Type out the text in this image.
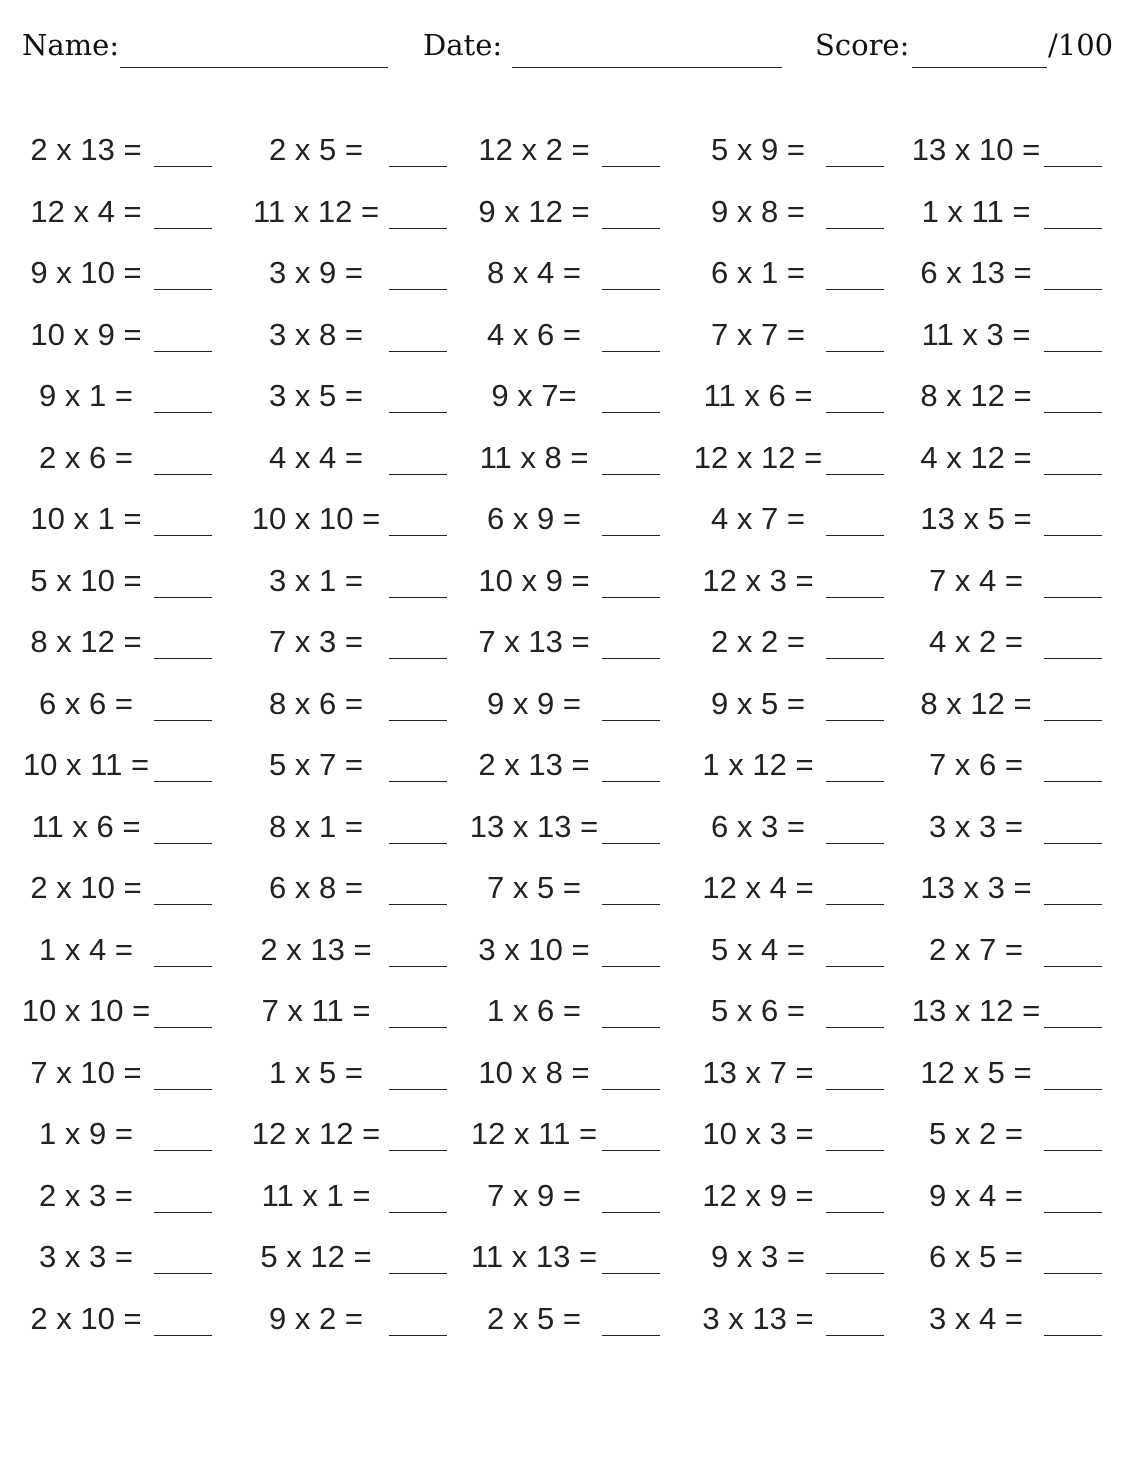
Name:	Date:	Score:	/100
2 x 13 =	2 x 5 =	12 x 2 =	5 x 9 =	13 x 10 =
12 x 4 =	11 x 12 =	9 x 12 =	9 x 8 =	1 x 11 =
9 x 10 =	3 x 9 =	8 x 4 =	6 x 1 =	6 x 13 =
10 x 9 =	3 x 8 =	4 x 6 =	7 x 7 =	11 x 3 =
9 x 1 =	3 x 5 =	9 x 7=	11 x 6 =	8 x 12 =
2 x 6 =	4 x 4 =	11 x 8 =	12 x 12 =	4 x 12 =
10 x 1 =	10 x 10 =	6 x 9 =	4 x 7 =	13 x 5 =
5 x 10 =	3 x 1 =	10 x 9 =	12 x 3 =	7 x 4 =
8 x 12 =	7 x 3 =	7 x 13 =	2 x 2 =	4 x 2 =
6 x 6 =	8 x 6 =	9 x 9 =	9 x 5 =	8 x 12 =
10 x 11 =	5 x 7 =	2 x 13 =	1 x 12 =	7 x 6 =
11 x 6 =	8 x 1 =	13 x 13 =	6 x 3 =	3 x 3 =
2 x 10 =	6 x 8 =	7 x 5 =	12 x 4 =	13 x 3 =
1 x 4 =	2 x 13 =	3 x 10 =	5 x 4 =	2 x 7 =
10 x 10 =	7 x 11 =	1 x 6 =	5 x 6 =	13 x 12 =
7 x 10 =	1 x 5 =	10 x 8 =	13 x 7 =	12 x 5 =
1 x 9 =	12 x 12 =	12 x 11 =	10 x 3 =	5 x 2 =
2 x 3 =	11 x 1 =	7 x 9 =	12 x 9 =	9 x 4 =
3 x 3 =	5 x 12 =	11 x 13 =	9 x 3 =	6 x 5 =
2 x 10 =	9 x 2 =	2 x 5 =	3 x 13 =	3 x 4 =
